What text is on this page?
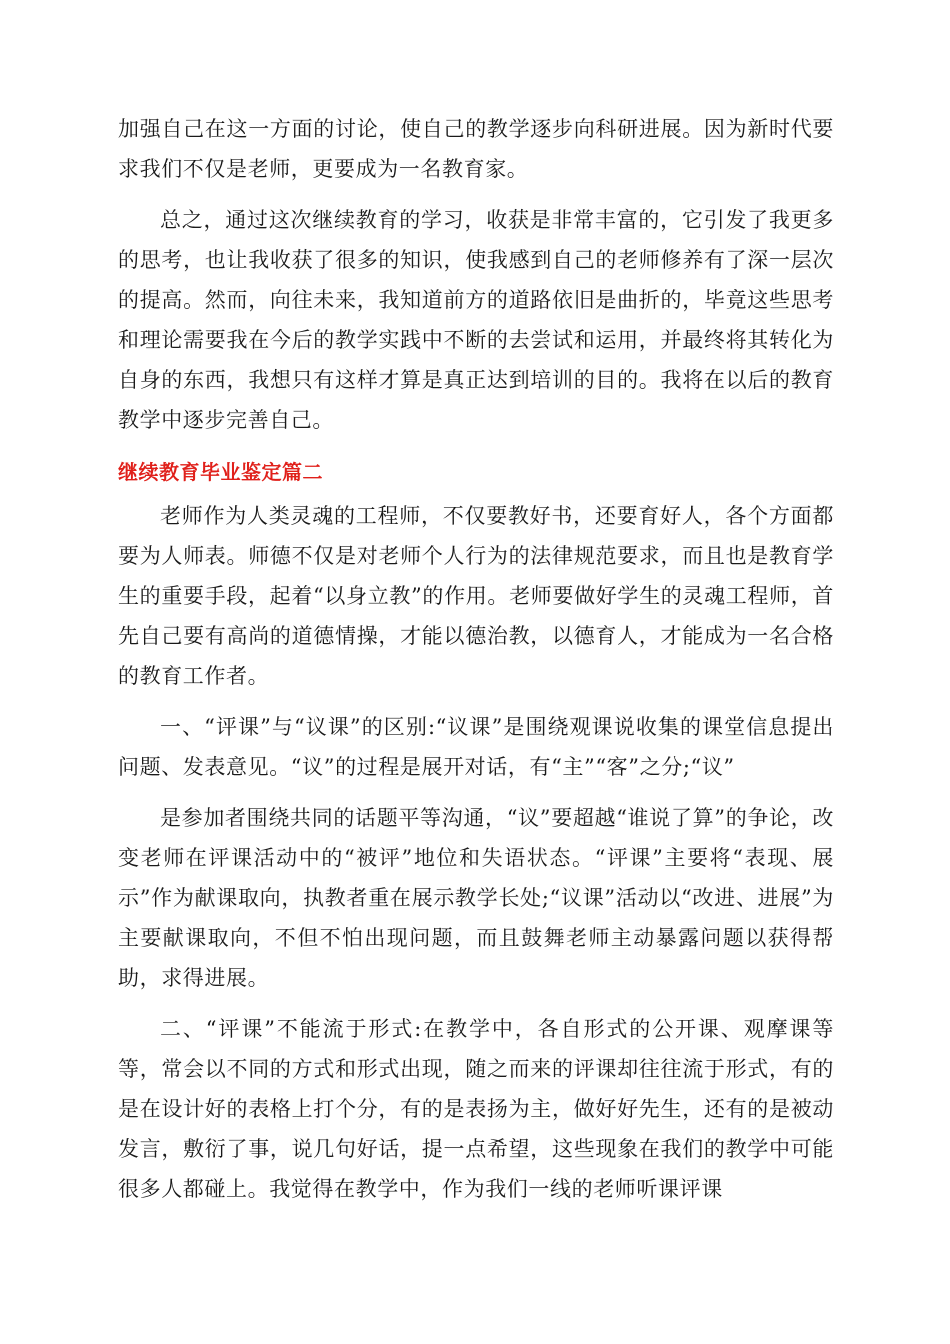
加强自己在这一方面的讨论，使自己的教学逐步向科研进展。因为新时代要求我们不仅是老师，更要成为一名教育家。

总之，通过这次继续教育的学习，收获是非常丰富的，它引发了我更多的思考，也让我收获了很多的知识，使我感到自己的老师修养有了深一层次的提高。然而，向往未来，我知道前方的道路依旧是曲折的，毕竟这些思考和理论需要我在今后的教学实践中不断的去尝试和运用，并最终将其转化为自身的东西，我想只有这样才算是真正达到培训的目的。我将在以后的教育教学中逐步完善自己。

继续教育毕业鉴定篇二

老师作为人类灵魂的工程师，不仅要教好书，还要育好人，各个方面都要为人师表。师德不仅是对老师个人行为的法律规范要求，而且也是教育学生的重要手段，起着“以身立教”的作用。老师要做好学生的灵魂工程师，首先自己要有高尚的道德情操，才能以德治教，以德育人，才能成为一名合格的教育工作者。

一、“评课”与“议课”的区别:“议课”是围绕观课说收集的课堂信息提出问题、发表意见。“议”的过程是展开对话，有“主”“客”之分;“议”

是参加者围绕共同的话题平等沟通，“议”要超越“谁说了算”的争论，改变老师在评课活动中的“被评”地位和失语状态。“评课”主要将“表现、展示”作为献课取向，执教者重在展示教学长处;“议课”活动以“改进、进展”为主要献课取向，不但不怕出现问题，而且鼓舞老师主动暴露问题以获得帮助，求得进展。

二、“评课”不能流于形式:在教学中，各自形式的公开课、观摩课等等，常会以不同的方式和形式出现，随之而来的评课却往往流于形式，有的是在设计好的表格上打个分，有的是表扬为主，做好好先生，还有的是被动发言，敷衍了事，说几句好话，提一点希望，这些现象在我们的教学中可能很多人都碰上。我觉得在教学中，作为我们一线的老师听课评课
